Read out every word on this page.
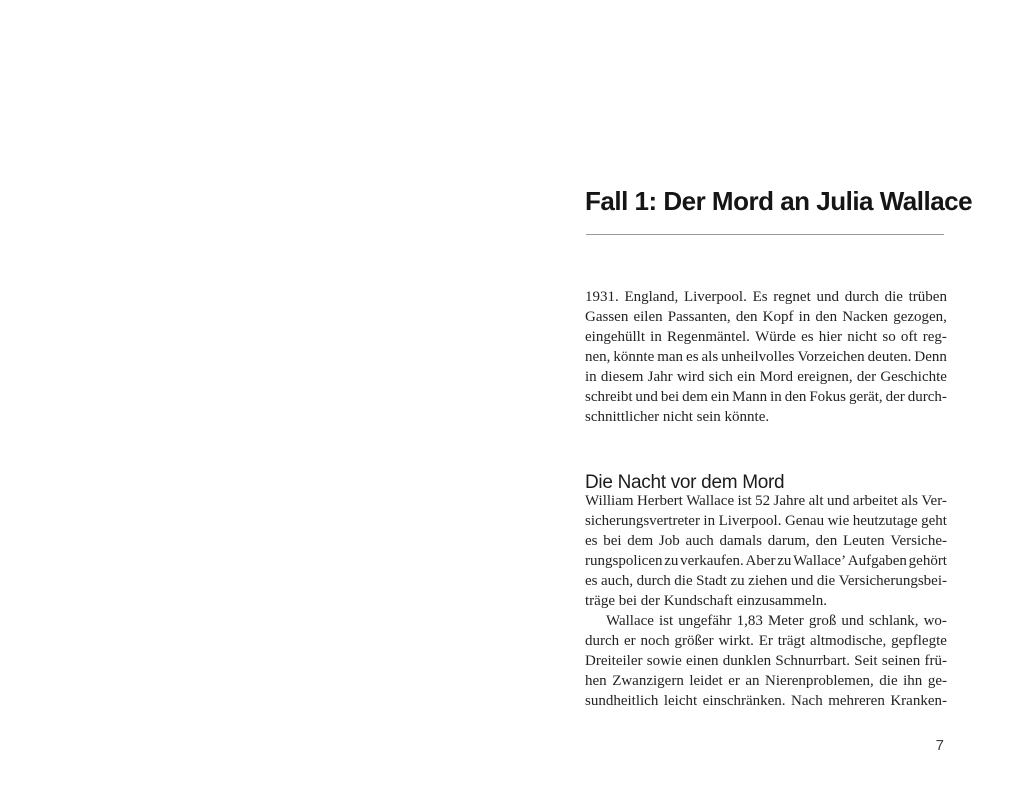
Fall 1: Der Mord an Julia Wallace
1931. England, Liverpool. Es regnet und durch die trüben
Gassen eilen Passanten, den Kopf in den Nacken gezogen,
eingehüllt in Regenmäntel. Würde es hier nicht so oft reg-
nen, könnte man es als unheilvolles Vorzeichen deuten. Denn
in diesem Jahr wird sich ein Mord ereignen, der Geschichte
schreibt und bei dem ein Mann in den Fokus gerät, der durch-
schnittlicher nicht sein könnte.
Die Nacht vor dem Mord
William Herbert Wallace ist 52 Jahre alt und arbeitet als Ver-
sicherungsvertreter in Liverpool. Genau wie heutzutage geht
es bei dem Job auch damals darum, den Leuten Versiche-
rungspolicen zu verkaufen. Aber zu Wallace’ Aufgaben gehört
es auch, durch die Stadt zu ziehen und die Versicherungsbei-
träge bei der Kundschaft einzusammeln.
Wallace ist ungefähr 1,83 Meter groß und schlank, wo-
durch er noch größer wirkt. Er trägt altmodische, gepflegte
Dreiteiler sowie einen dunklen Schnurrbart. Seit seinen frü-
hen Zwanzigern leidet er an Nierenproblemen, die ihn ge-
sundheitlich leicht einschränken. Nach mehreren Kranken-
7
